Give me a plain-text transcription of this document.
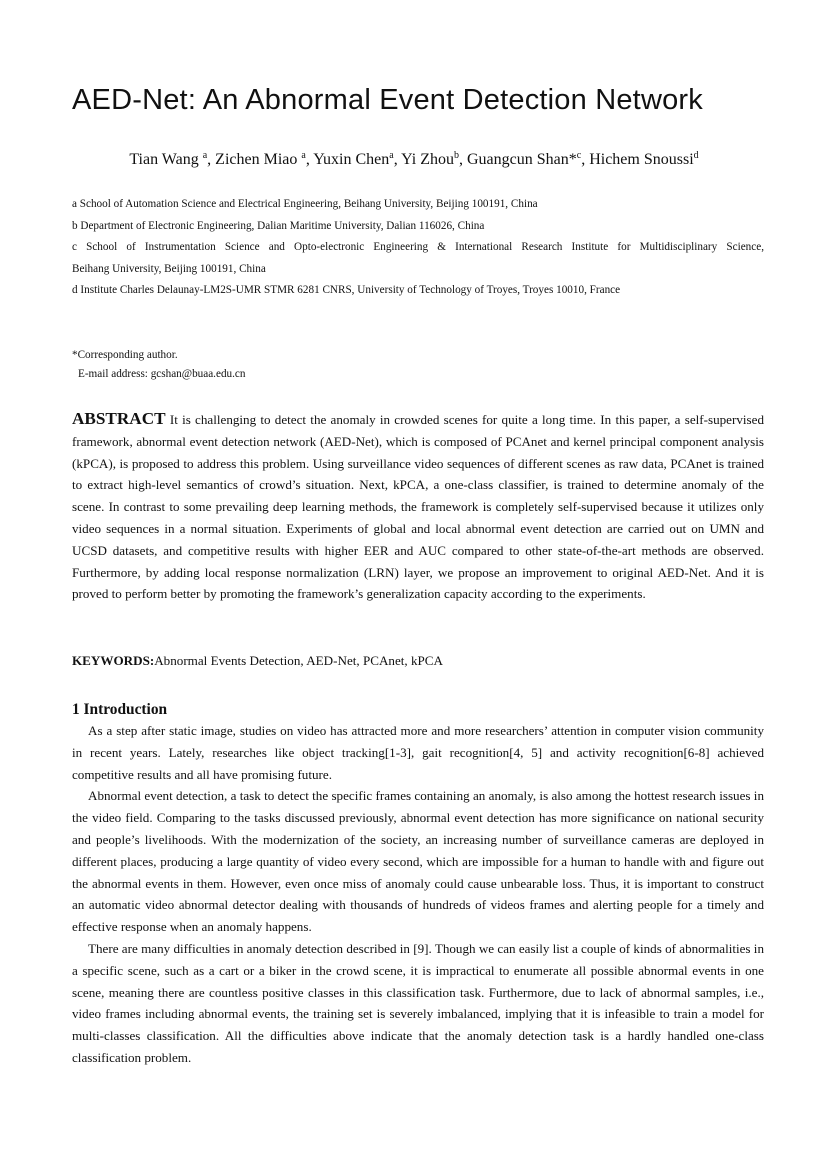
AED-Net: An Abnormal Event Detection Network
Tian Wang $^a$, Zichen Miao $^a$, Yuxin Chen$^a$, Yi Zhou$^b$, Guangcun Shan*$^c$, Hichem Snoussi$^d$
a School of Automation Science and Electrical Engineering, Beihang University, Beijing 100191, China
b Department of Electronic Engineering, Dalian Maritime University, Dalian 116026, China
c School of Instrumentation Science and Opto-electronic Engineering & International Research Institute for Multidisciplinary Science,
Beihang University, Beijing 100191, China
d Institute Charles Delaunay-LM2S-UMR STMR 6281 CNRS, University of Technology of Troyes, Troyes 10010, France
*Corresponding author.
E-mail address: gcshan@buaa.edu.cn

ABSTRACT It is challenging to detect the anomaly in crowded scenes for quite a long time. In this paper, a self-supervised framework, abnormal event detection network (AED-Net), which is composed of PCAnet and kernel principal component analysis (kPCA), is proposed to address this problem. Using surveillance video sequences of different scenes as raw data, PCAnet is trained to extract high-level semantics of crowd’s situation. Next, kPCA, a one-class classifier, is trained to determine anomaly of the scene. In contrast to some prevailing deep learning methods, the framework is completely self-supervised because it utilizes only video sequences in a normal situation. Experiments of global and local abnormal event detection are carried out on UMN and UCSD datasets, and competitive results with higher EER and AUC compared to other state-of-the-art methods are observed. Furthermore, by adding local response normalization (LRN) layer, we propose an improvement to original AED-Net. And it is proved to perform better by promoting the framework’s generalization capacity according to the experiments.

KEYWORDS:Abnormal Events Detection, AED-Net, PCAnet, kPCA

1 Introduction

As a step after static image, studies on video has attracted more and more researchers’ attention in computer vision community in recent years. Lately, researches like object tracking[1-3], gait recognition[4, 5] and activity recognition[6-8] achieved competitive results and all have promising future.

Abnormal event detection, a task to detect the specific frames containing an anomaly, is also among the hottest research issues in the video field. Comparing to the tasks discussed previously, abnormal event detection has more significance on national security and people’s livelihoods. With the modernization of the society, an increasing number of surveillance cameras are deployed in different places, producing a large quantity of video every second, which are impossible for a human to handle with and figure out the abnormal events in them. However, even once miss of anomaly could cause unbearable loss. Thus, it is important to construct an automatic video abnormal detector dealing with thousands of hundreds of videos frames and alerting people for a timely and effective response when an anomaly happens.

There are many difficulties in anomaly detection described in [9]. Though we can easily list a couple of kinds of abnormalities in a specific scene, such as a cart or a biker in the crowd scene, it is impractical to enumerate all possible abnormal events in one scene, meaning there are countless positive classes in this classification task. Furthermore, due to lack of abnormal samples, i.e., video frames including abnormal events, the training set is severely imbalanced, implying that it is infeasible to train a model for multi-classes classification. All the difficulties above indicate that the anomaly detection task is a hardly handled one-class classification problem.
